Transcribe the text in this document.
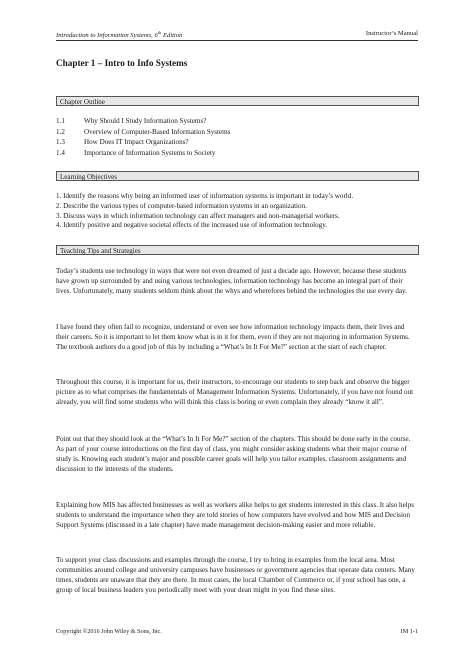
Introduction to Information Systems, 6th Edition	Instructor’s Manual
Chapter 1 – Intro to Info Systems
Chapter Outline
1.1	Why Should I Study Information Systems?
1.2	Overview of Computer-Based Information Systems
1.3	How Does IT Impact Organizations?
1.4	Importance of Information Systems to Society
Learning Objectives
1. Identify the reasons why being an informed user of information systems is important in today’s world.
2. Describe the various types of computer-based information systems in an organization.
3. Discuss ways in which information technology can affect managers and non-managerial workers.
4. Identify positive and negative societal effects of the increased use of information technology.
Teaching Tips and Strategies
Today’s students use technology in ways that were not even dreamed of just a decade ago. However, because these students have grown up surrounded by and using various technologies, information technology has become an integral part of their lives. Unfortunately, many students seldom think about the whys and wherefores behind the technologies the use every day.
I have found they often fail to recognize, understand or even see how information technology impacts them, their lives and their careers. So it is important to let them know what is in it for them, even if they are not majoring in information Systems. The textbook authors do a good job of this by including a “What’s In It For Me?” section at the start of each chapter.
Throughout this course, it is important for us, their instructors, to encourage our students to step back and observe the bigger picture as to what comprises the fundamentals of Management Information Systems. Unfortunately, if you have not found out already, you will find some students who will think this class is boring or even complain they already “know it all”.
Point out that they should look at the “What’s In It For Me?” section of the chapters. This should be done early in the course. As part of your course introductions on the first day of class, you might consider asking students what their major course of study is. Knowing each student’s major and possible career goals will help you tailor examples, classroom assignments and discussion to the interests of the students.
Explaining how MIS has affected businesses as well as workers alike helps to get students interested in this class. It also helps students to understand the importance when they are told stories of how computers have evolved and how MIS and Decision Support Systems (discussed in a late chapter) have made management decision-making easier and more reliable.
To support your class discussions and examples through the course, I try to bring in examples from the local area. Most communities around college and university campuses have businesses or government agencies that operate data centers. Many times, students are unaware that they are there. In most cases, the local Chamber of Commerce or, if your school has one, a group of local business leaders you periodically meet with your dean might in you find these sites.
Copyright ©2016 John Wiley & Sons, Inc.	IM 1-1
